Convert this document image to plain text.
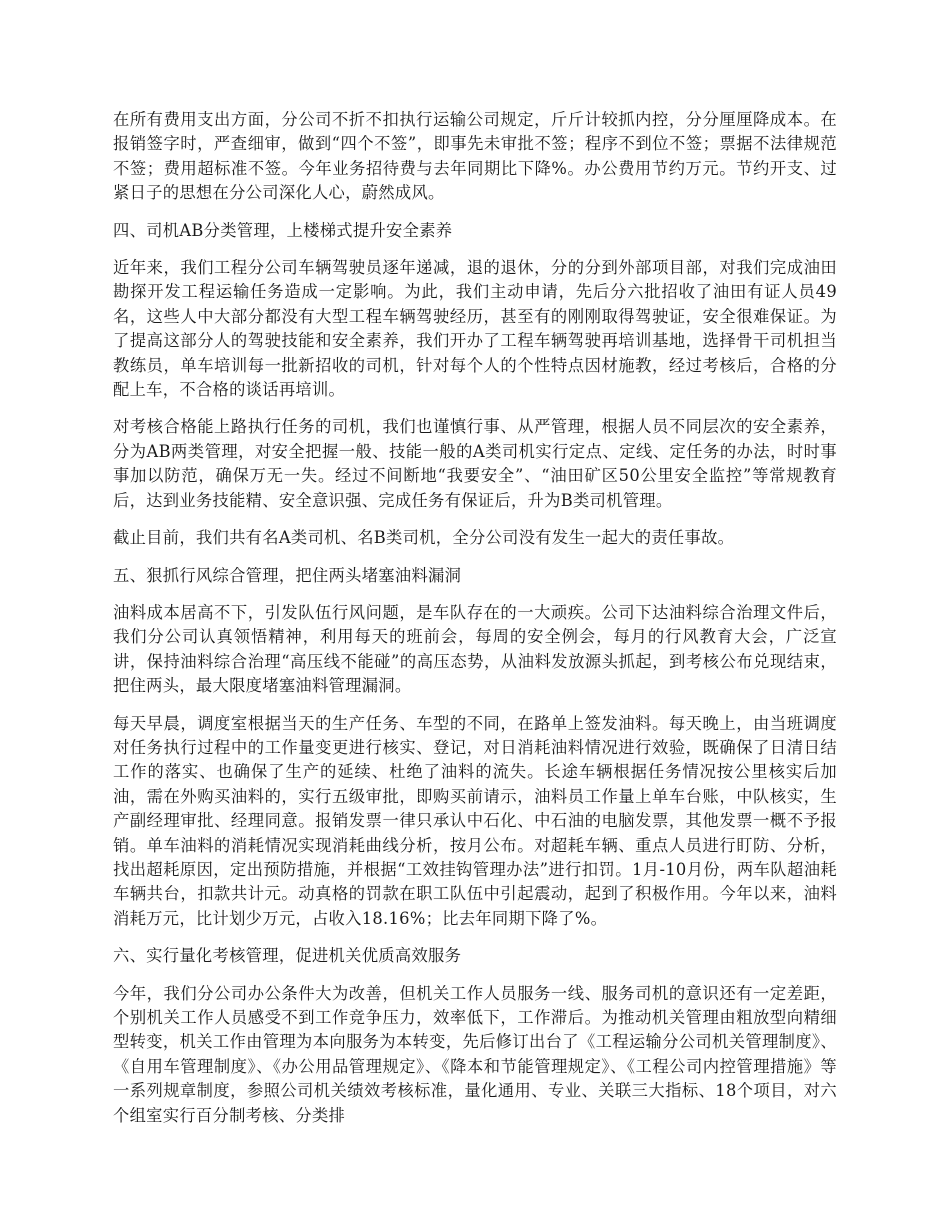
在所有费用支出方面，分公司不折不扣执行运输公司规定，斤斤计较抓内控，分分厘厘降成本。在报销签字时，严查细审，做到“四个不签”，即事先未审批不签；程序不到位不签；票据不法律规范不签；费用超标准不签。今年业务招待费与去年同期比下降%。办公费用节约万元。节约开支、过紧日子的思想在分公司深化人心，蔚然成风。

四、司机AB分类管理，上楼梯式提升安全素养

近年来，我们工程分公司车辆驾驶员逐年递减，退的退休，分的分到外部项目部，对我们完成油田勘探开发工程运输任务造成一定影响。为此，我们主动申请，先后分六批招收了油田有证人员49名，这些人中大部分都没有大型工程车辆驾驶经历，甚至有的刚刚取得驾驶证，安全很难保证。为了提高这部分人的驾驶技能和安全素养，我们开办了工程车辆驾驶再培训基地，选择骨干司机担当教练员，单车培训每一批新招收的司机，针对每个人的个性特点因材施教，经过考核后，合格的分配上车，不合格的谈话再培训。

对考核合格能上路执行任务的司机，我们也谨慎行事、从严管理，根据人员不同层次的安全素养，分为AB两类管理，对安全把握一般、技能一般的A类司机实行定点、定线、定任务的办法，时时事事加以防范，确保万无一失。经过不间断地“我要安全”、“油田矿区50公里安全监控”等常规教育后，达到业务技能精、安全意识强、完成任务有保证后，升为B类司机管理。

截止目前，我们共有名A类司机、名B类司机，全分公司没有发生一起大的责任事故。

五、狠抓行风综合管理，把住两头堵塞油料漏洞

油料成本居高不下，引发队伍行风问题，是车队存在的一大顽疾。公司下达油料综合治理文件后，我们分公司认真领悟精神，利用每天的班前会，每周的安全例会，每月的行风教育大会，广泛宣讲，保持油料综合治理“高压线不能碰”的高压态势，从油料发放源头抓起，到考核公布兑现结束，把住两头，最大限度堵塞油料管理漏洞。

每天早晨，调度室根据当天的生产任务、车型的不同，在路单上签发油料。每天晚上，由当班调度对任务执行过程中的工作量变更进行核实、登记，对日消耗油料情况进行效验，既确保了日清日结工作的落实、也确保了生产的延续、杜绝了油料的流失。长途车辆根据任务情况按公里核实后加油，需在外购买油料的，实行五级审批，即购买前请示，油料员工作量上单车台账，中队核实，生产副经理审批、经理同意。报销发票一律只承认中石化、中石油的电脑发票，其他发票一概不予报销。单车油料的消耗情况实现消耗曲线分析，按月公布。对超耗车辆、重点人员进行盯防、分析，找出超耗原因，定出预防措施，并根据“工效挂钩管理办法”进行扣罚。1月-10月份，两车队超油耗车辆共台，扣款共计元。动真格的罚款在职工队伍中引起震动，起到了积极作用。今年以来，油料消耗万元，比计划少万元，占收入18.16%；比去年同期下降了%。

六、实行量化考核管理，促进机关优质高效服务

今年，我们分公司办公条件大为改善，但机关工作人员服务一线、服务司机的意识还有一定差距，个别机关工作人员感受不到工作竞争压力，效率低下，工作滞后。为推动机关管理由粗放型向精细型转变，机关工作由管理为本向服务为本转变，先后修订出台了《工程运输分公司机关管理制度》、《自用车管理制度》、《办公用品管理规定》、《降本和节能管理规定》、《工程公司内控管理措施》等一系列规章制度，参照公司机关绩效考核标准，量化通用、专业、关联三大指标、18个项目，对六个组室实行百分制考核、分类排
